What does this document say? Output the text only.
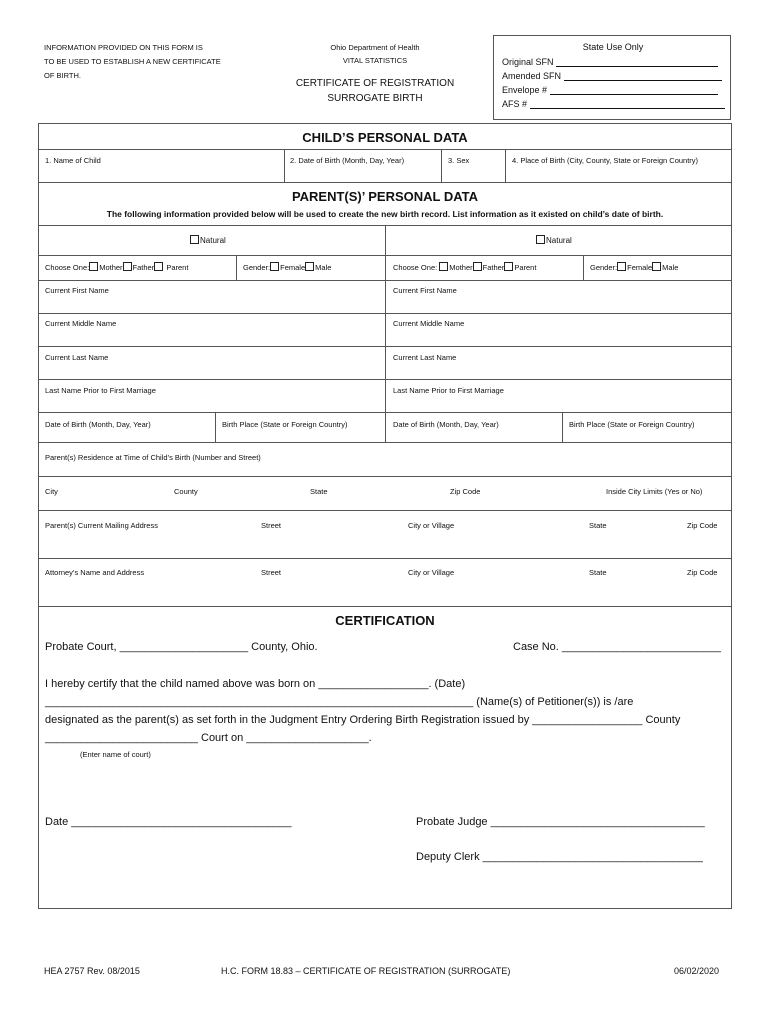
INFORMATION PROVIDED ON THIS FORM IS
TO BE USED TO ESTABLISH A NEW CERTIFICATE
OF BIRTH.
Ohio Department of Health
VITAL STATISTICS
CERTIFICATE OF REGISTRATION
SURROGATE BIRTH
State Use Only
Original SFN
Amended SFN
Envelope #
AFS #
CHILD’S PERSONAL DATA
1. Name of Child	2. Date of Birth (Month, Day, Year)	3. Sex	4. Place of Birth (City, County, State or Foreign Country)
PARENT(S)’ PERSONAL DATA
The following information provided below will be used to create the new birth record. List information as it existed on child’s date of birth.
Natural	Natural
Choose One: Mother Father Parent	Gender: Female Male	Choose One: Mother Father Parent	Gender: Female Male
Current First Name	Current First Name
Current Middle Name	Current Middle Name
Current Last Name	Current Last Name
Last Name Prior to First Marriage	Last Name Prior to First Marriage
Date of Birth (Month, Day, Year)	Birth Place (State or Foreign Country)	Date of Birth (Month, Day, Year)	Birth Place (State or Foreign Country)
Parent(s) Residence at Time of Child’s Birth (Number and Street)
City	County	State	Zip Code	Inside City Limits (Yes or No)
Parent(s) Current Mailing Address	Street	City or Village	State	Zip Code
Attorney’s Name and Address	Street	City or Village	State	Zip Code
CERTIFICATION
Probate Court, _____________________ County, Ohio.	Case No. __________________________
I hereby certify that the child named above was born on __________________. (Date)
______________________________________________________________________ (Name(s) of Petitioner(s)) is /are
designated as the parent(s) as set forth in the Judgment Entry Ordering Birth Registration issued by __________________ County
_________________________ Court on ____________________.
(Enter name of court)
Date ____________________________________	Probate Judge ___________________________________
Deputy Clerk ____________________________________
HEA 2757 Rev. 08/2015	H.C. FORM 18.83 – CERTIFICATE OF REGISTRATION (SURROGATE)	06/02/2020
